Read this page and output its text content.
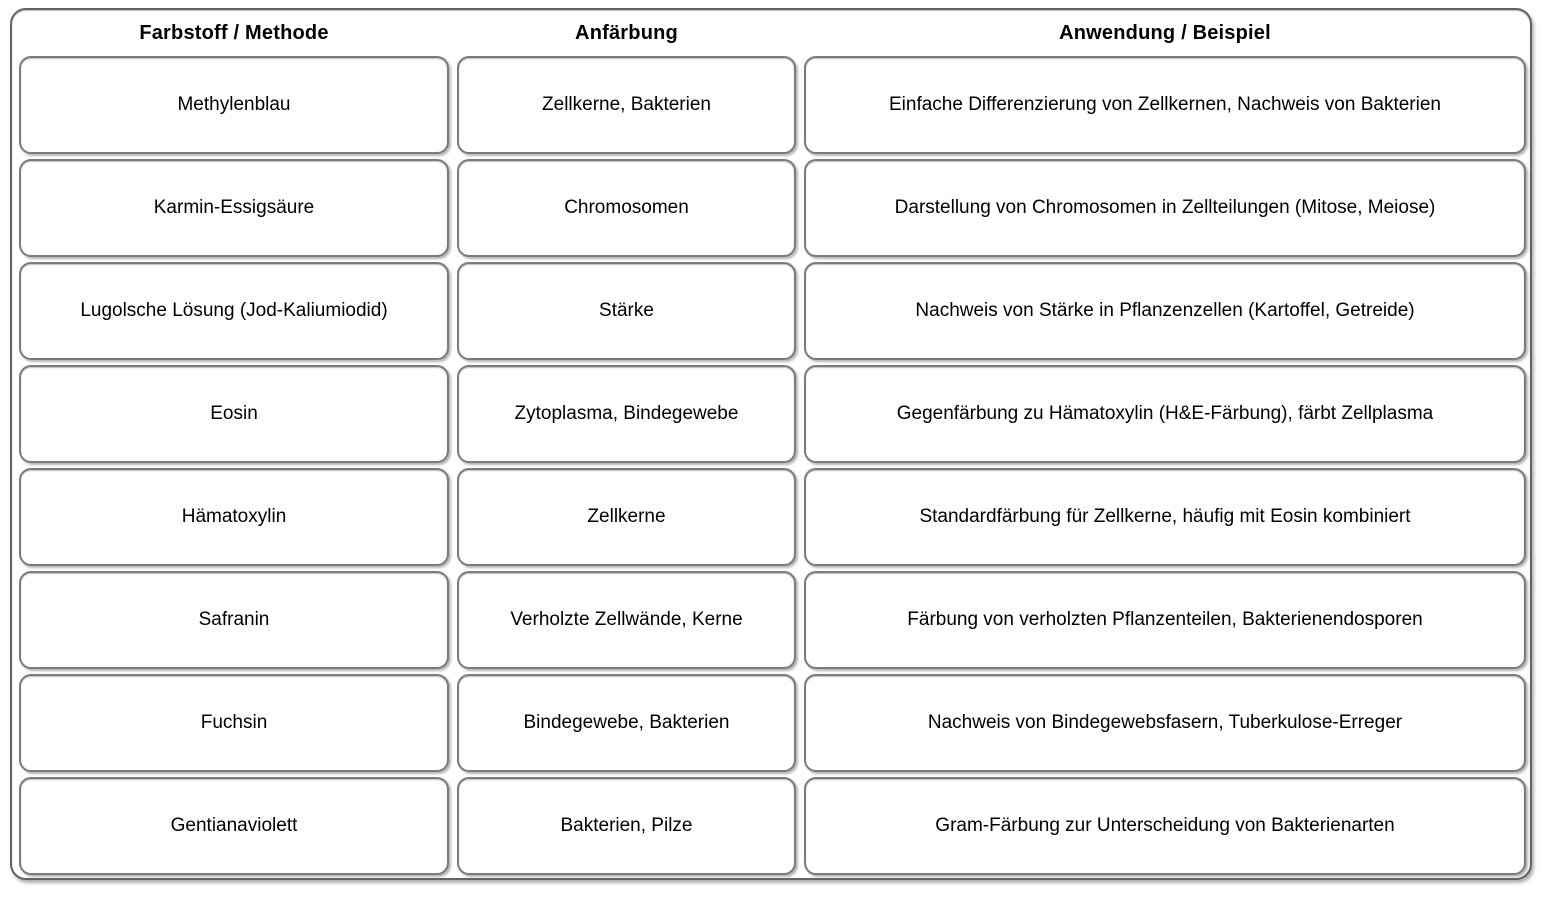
Farbstoff / Methode	Anfärbung	Anwendung / Beispiel
Methylenblau	Zellkerne, Bakterien	Einfache Differenzierung von Zellkernen, Nachweis von Bakterien
Karmin-Essigsäure	Chromosomen	Darstellung von Chromosomen in Zellteilungen (Mitose, Meiose)
Lugolsche Lösung (Jod-Kaliumiodid)	Stärke	Nachweis von Stärke in Pflanzenzellen (Kartoffel, Getreide)
Eosin	Zytoplasma, Bindegewebe	Gegenfärbung zu Hämatoxylin (H&E-Färbung), färbt Zellplasma
Hämatoxylin	Zellkerne	Standardfärbung für Zellkerne, häufig mit Eosin kombiniert
Safranin	Verholzte Zellwände, Kerne	Färbung von verholzten Pflanzenteilen, Bakterienendosporen
Fuchsin	Bindegewebe, Bakterien	Nachweis von Bindegewebsfasern, Tuberkulose-Erreger
Gentianaviolett	Bakterien, Pilze	Gram-Färbung zur Unterscheidung von Bakterienarten
